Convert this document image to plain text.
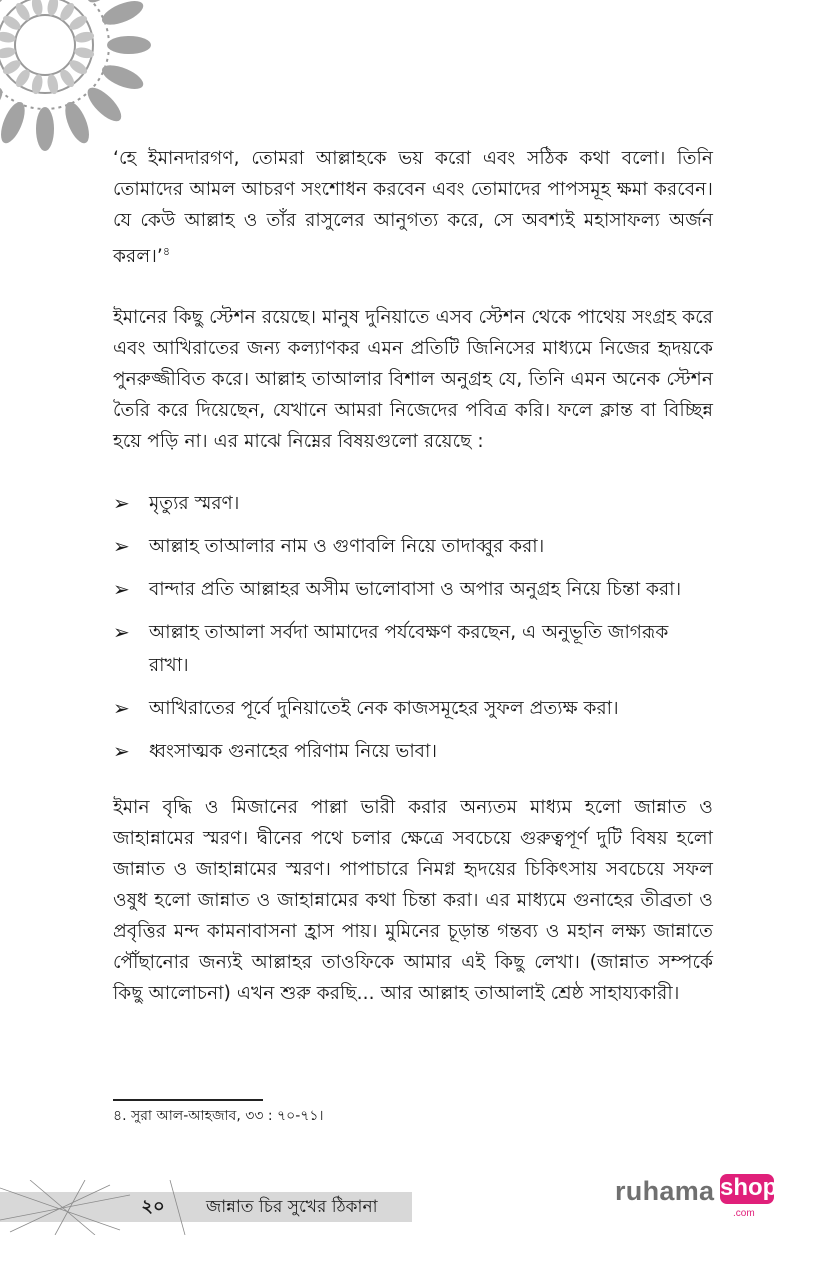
‘হে ইমানদারগণ, তোমরা আল্লাহকে ভয় করো এবং সঠিক কথা বলো। তিনি তোমাদের আমল আচরণ সংশোধন করবেন এবং তোমাদের পাপসমূহ ক্ষমা করবেন। যে কেউ আল্লাহ ও তাঁর রাসুলের আনুগত্য করে, সে অবশ্যই মহাসাফল্য অর্জন করল।’$^৪$

ইমানের কিছু স্টেশন রয়েছে। মানুষ দুনিয়াতে এসব স্টেশন থেকে পাথেয় সংগ্রহ করে এবং আখিরাতের জন্য কল্যাণকর এমন প্রতিটি জিনিসের মাধ্যমে নিজের হৃদয়কে পুনরুজ্জীবিত করে। আল্লাহ তাআলার বিশাল অনুগ্রহ যে, তিনি এমন অনেক স্টেশন তৈরি করে দিয়েছেন, যেখানে আমরা নিজেদের পবিত্র করি। ফলে ক্লান্ত বা বিচ্ছিন্ন হয়ে পড়ি না। এর মাঝে নিম্নের বিষয়গুলো রয়েছে :

➢ মৃত্যুর স্মরণ।
➢ আল্লাহ তাআলার নাম ও গুণাবলি নিয়ে তাদাব্বুর করা।
➢ বান্দার প্রতি আল্লাহর অসীম ভালোবাসা ও অপার অনুগ্রহ নিয়ে চিন্তা করা।
➢ আল্লাহ তাআলা সর্বদা আমাদের পর্যবেক্ষণ করছেন, এ অনুভূতি জাগরূক রাখা।
➢ আখিরাতের পূর্বে দুনিয়াতেই নেক কাজসমূহের সুফল প্রত্যক্ষ করা।
➢ ধ্বংসাত্মক গুনাহের পরিণাম নিয়ে ভাবা।

ইমান বৃদ্ধি ও মিজানের পাল্লা ভারী করার অন্যতম মাধ্যম হলো জান্নাত ও জাহান্নামের স্মরণ। দ্বীনের পথে চলার ক্ষেত্রে সবচেয়ে গুরুত্বপূর্ণ দুটি বিষয় হলো জান্নাত ও জাহান্নামের স্মরণ। পাপাচারে নিমগ্ন হৃদয়ের চিকিৎসায় সবচেয়ে সফল ওষুধ হলো জান্নাত ও জাহান্নামের কথা চিন্তা করা। এর মাধ্যমে গুনাহের তীব্রতা ও প্রবৃত্তির মন্দ কামনাবাসনা হ্রাস পায়। মুমিনের চূড়ান্ত গন্তব্য ও মহান লক্ষ্য জান্নাতে পৌঁছানোর জন্যই আল্লাহর তাওফিকে আমার এই কিছু লেখা। (জান্নাত সম্পর্কে কিছু আলোচনা) এখন শুরু করছি... আর আল্লাহ তাআলাই শ্রেষ্ঠ সাহায্যকারী।

৪. সুরা আল-আহজাব, ৩৩ : ৭০-৭১।
২০	জান্নাত চির সুখের ঠিকানা
ruhama shop
.com
